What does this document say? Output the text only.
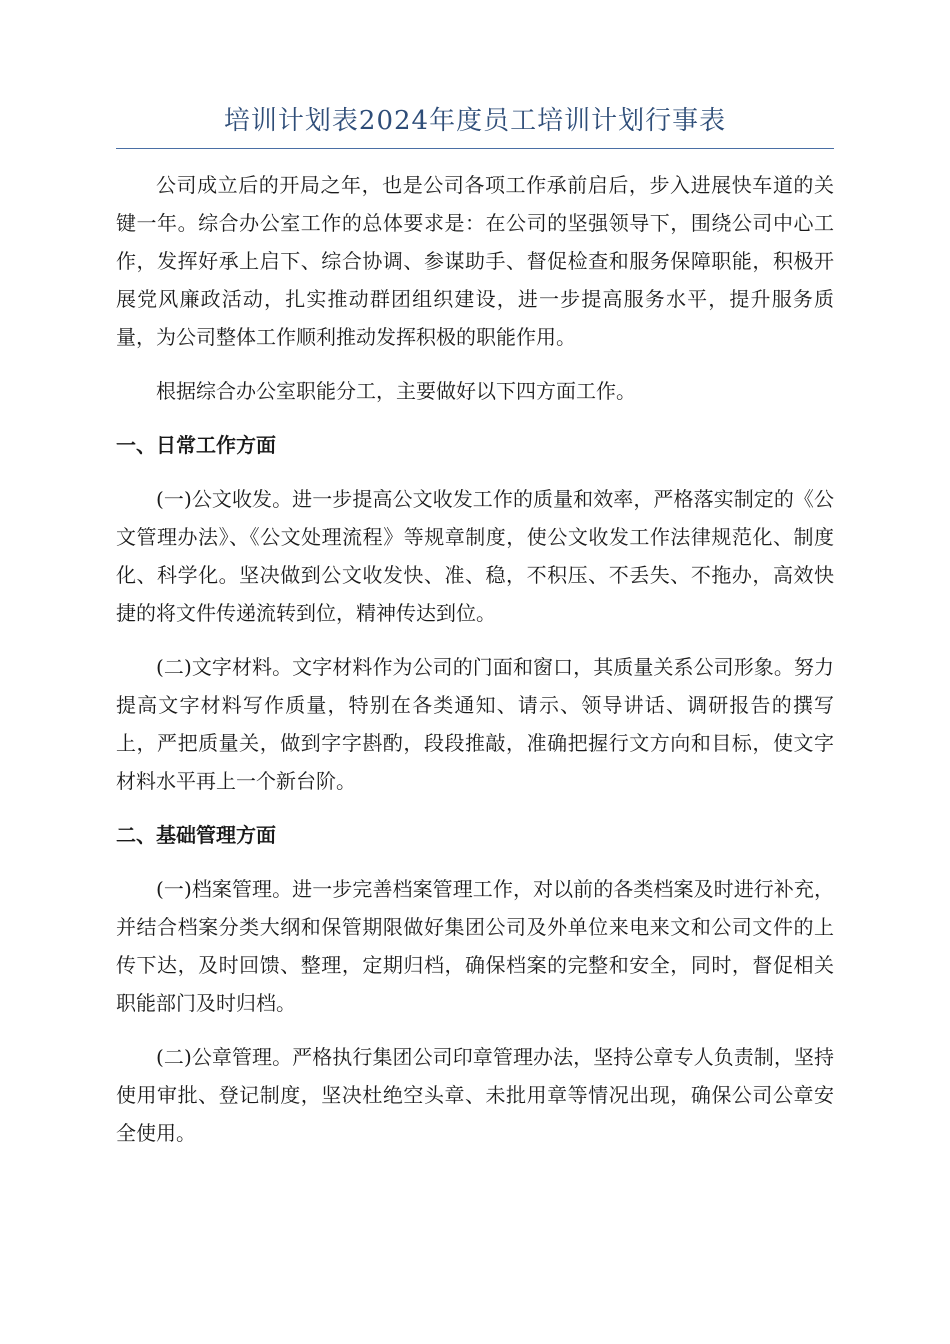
培训计划表2024年度员工培训计划行事表

公司成立后的开局之年，也是公司各项工作承前启后，步入进展快车道的关键一年。综合办公室工作的总体要求是：在公司的坚强领导下，围绕公司中心工作，发挥好承上启下、综合协调、参谋助手、督促检查和服务保障职能，积极开展党风廉政活动，扎实推动群团组织建设，进一步提高服务水平，提升服务质量，为公司整体工作顺利推动发挥积极的职能作用。

根据综合办公室职能分工，主要做好以下四方面工作。

一、日常工作方面

(一)公文收发。进一步提高公文收发工作的质量和效率，严格落实制定的《公文管理办法》、《公文处理流程》等规章制度，使公文收发工作法律规范化、制度化、科学化。坚决做到公文收发快、准、稳，不积压、不丢失、不拖办，高效快捷的将文件传递流转到位，精神传达到位。

(二)文字材料。文字材料作为公司的门面和窗口，其质量关系公司形象。努力提高文字材料写作质量，特别在各类通知、请示、领导讲话、调研报告的撰写上，严把质量关，做到字字斟酌，段段推敲，准确把握行文方向和目标，使文字材料水平再上一个新台阶。

二、基础管理方面

(一)档案管理。进一步完善档案管理工作，对以前的各类档案及时进行补充，并结合档案分类大纲和保管期限做好集团公司及外单位来电来文和公司文件的上传下达，及时回馈、整理，定期归档，确保档案的完整和安全，同时，督促相关职能部门及时归档。

(二)公章管理。严格执行集团公司印章管理办法，坚持公章专人负责制，坚持使用审批、登记制度，坚决杜绝空头章、未批用章等情况出现，确保公司公章安全使用。
